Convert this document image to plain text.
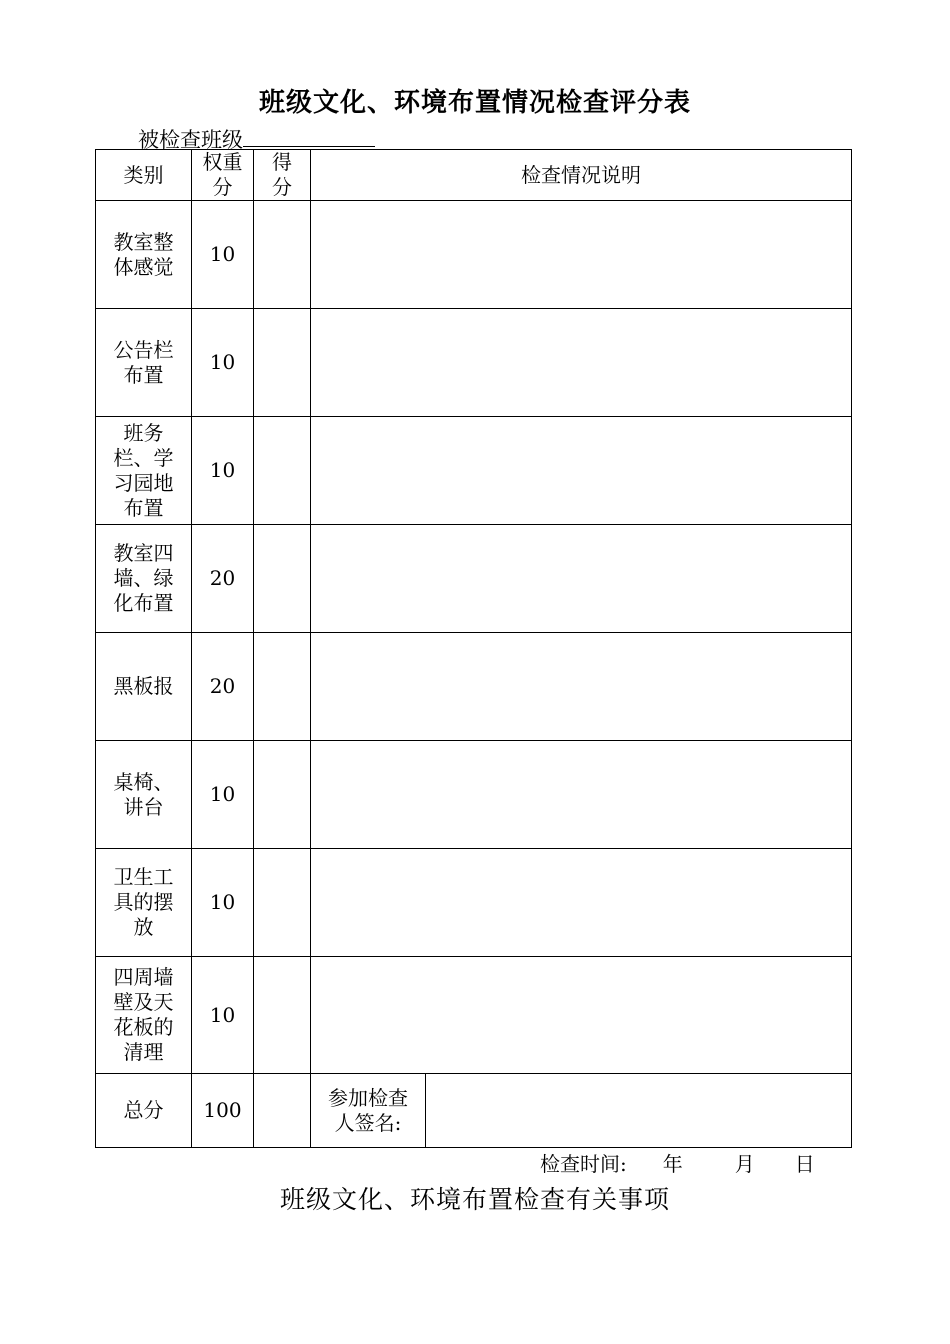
班级文化、环境布置情况检查评分表
被检查班级
类别	权重分	得分	检查情况说明	
教室整体感觉	10			
公告栏布置	10			
班务栏、学习园地布置	10			
教室四墙、绿化布置	20			
黑板报	20			
桌椅、讲台	10			
卫生工具的摆放	10			
四周墙壁及天花板的清理	10			
总分	100		参加检查人签名:	
检查时间: 年	月 日
班级文化、环境布置检查有关事项
